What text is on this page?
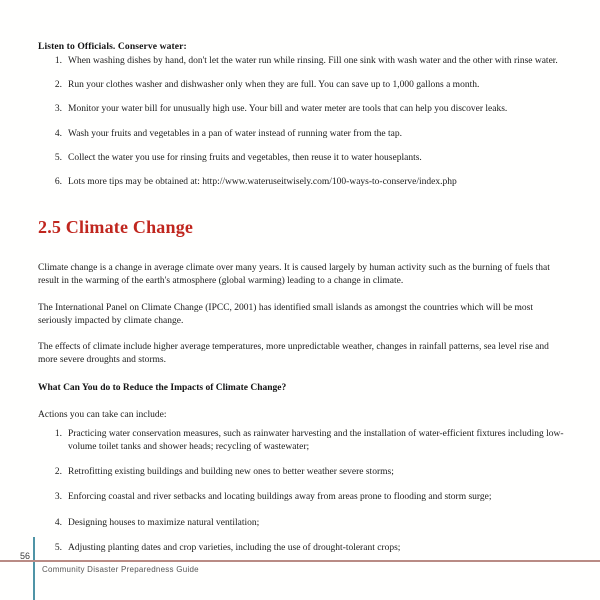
Listen to Officials. Conserve water:
1. When washing dishes by hand, don't let the water run while rinsing. Fill one sink with wash water and the other with rinse water.
2. Run your clothes washer and dishwasher only when they are full. You can save up to 1,000 gallons a month.
3. Monitor your water bill for unusually high use. Your bill and water meter are tools that can help you discover leaks.
4. Wash your fruits and vegetables in a pan of water instead of running water from the tap.
5. Collect the water you use for rinsing fruits and vegetables, then reuse it to water houseplants.
6. Lots more tips may be obtained at: http://www.wateruseitwisely.com/100-ways-to-conserve/index.php
2.5 Climate Change

Climate change is a change in average climate over many years. It is caused largely by human activity such as the burning of fuels that result in the warming of the earth's atmosphere (global warming) leading to a change in climate.

The International Panel on Climate Change (IPCC, 2001) has identified small islands as amongst the countries which will be most seriously impacted by climate change.

The effects of climate include higher average temperatures, more unpredictable weather, changes in rainfall patterns, sea level rise and more severe droughts and storms.

What Can You do to Reduce the Impacts of Climate Change?

Actions you can take can include:

1. Practicing water conservation measures, such as rainwater harvesting and the installation of water-efficient fixtures including low-volume toilet tanks and shower heads; recycling of wastewater;
2. Retrofitting existing buildings and building new ones to better weather severe storms;
3. Enforcing coastal and river setbacks and locating buildings away from areas prone to flooding and storm surge;
4. Designing houses to maximize natural ventilation;
5. Adjusting planting dates and crop varieties, including the use of drought-tolerant crops;
56
Community Disaster Preparedness Guide
